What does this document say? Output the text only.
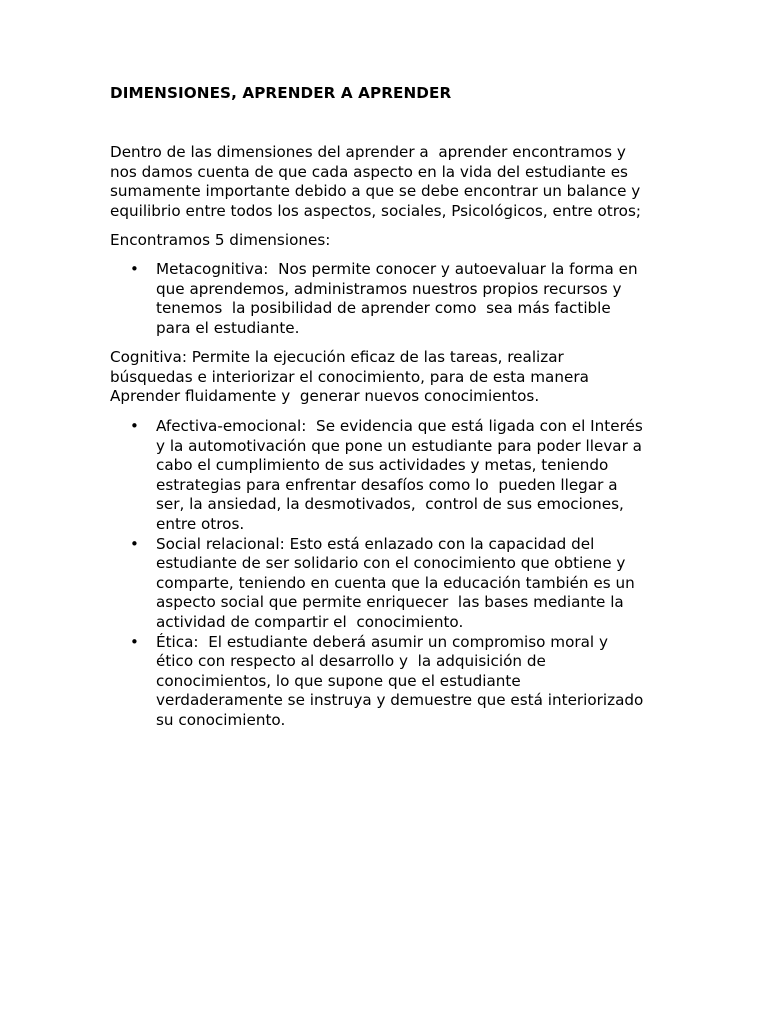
DIMENSIONES, APRENDER A APRENDER

Dentro de las dimensiones del aprender a  aprender encontramos y
nos damos cuenta de que cada aspecto en la vida del estudiante es
sumamente importante debido a que se debe encontrar un balance y
equilibrio entre todos los aspectos, sociales, Psicológicos, entre otros;

Encontramos 5 dimensiones:

• Metacognitiva:  Nos permite conocer y autoevaluar la forma en
que aprendemos, administramos nuestros propios recursos y
tenemos  la posibilidad de aprender como  sea más factible
para el estudiante.

Cognitiva: Permite la ejecución eficaz de las tareas, realizar
búsquedas e interiorizar el conocimiento, para de esta manera
Aprender fluidamente y  generar nuevos conocimientos.

• Afectiva-emocional:  Se evidencia que está ligada con el Interés
y la automotivación que pone un estudiante para poder llevar a
cabo el cumplimiento de sus actividades y metas, teniendo
estrategias para enfrentar desafíos como lo  pueden llegar a
ser, la ansiedad, la desmotivados,  control de sus emociones,
entre otros.
• Social relacional: Esto está enlazado con la capacidad del
estudiante de ser solidario con el conocimiento que obtiene y
comparte, teniendo en cuenta que la educación también es un
aspecto social que permite enriquecer  las bases mediante la
actividad de compartir el  conocimiento.
• Ética:  El estudiante deberá asumir un compromiso moral y
ético con respecto al desarrollo y  la adquisición de
conocimientos, lo que supone que el estudiante
verdaderamente se instruya y demuestre que está interiorizado
su conocimiento.
